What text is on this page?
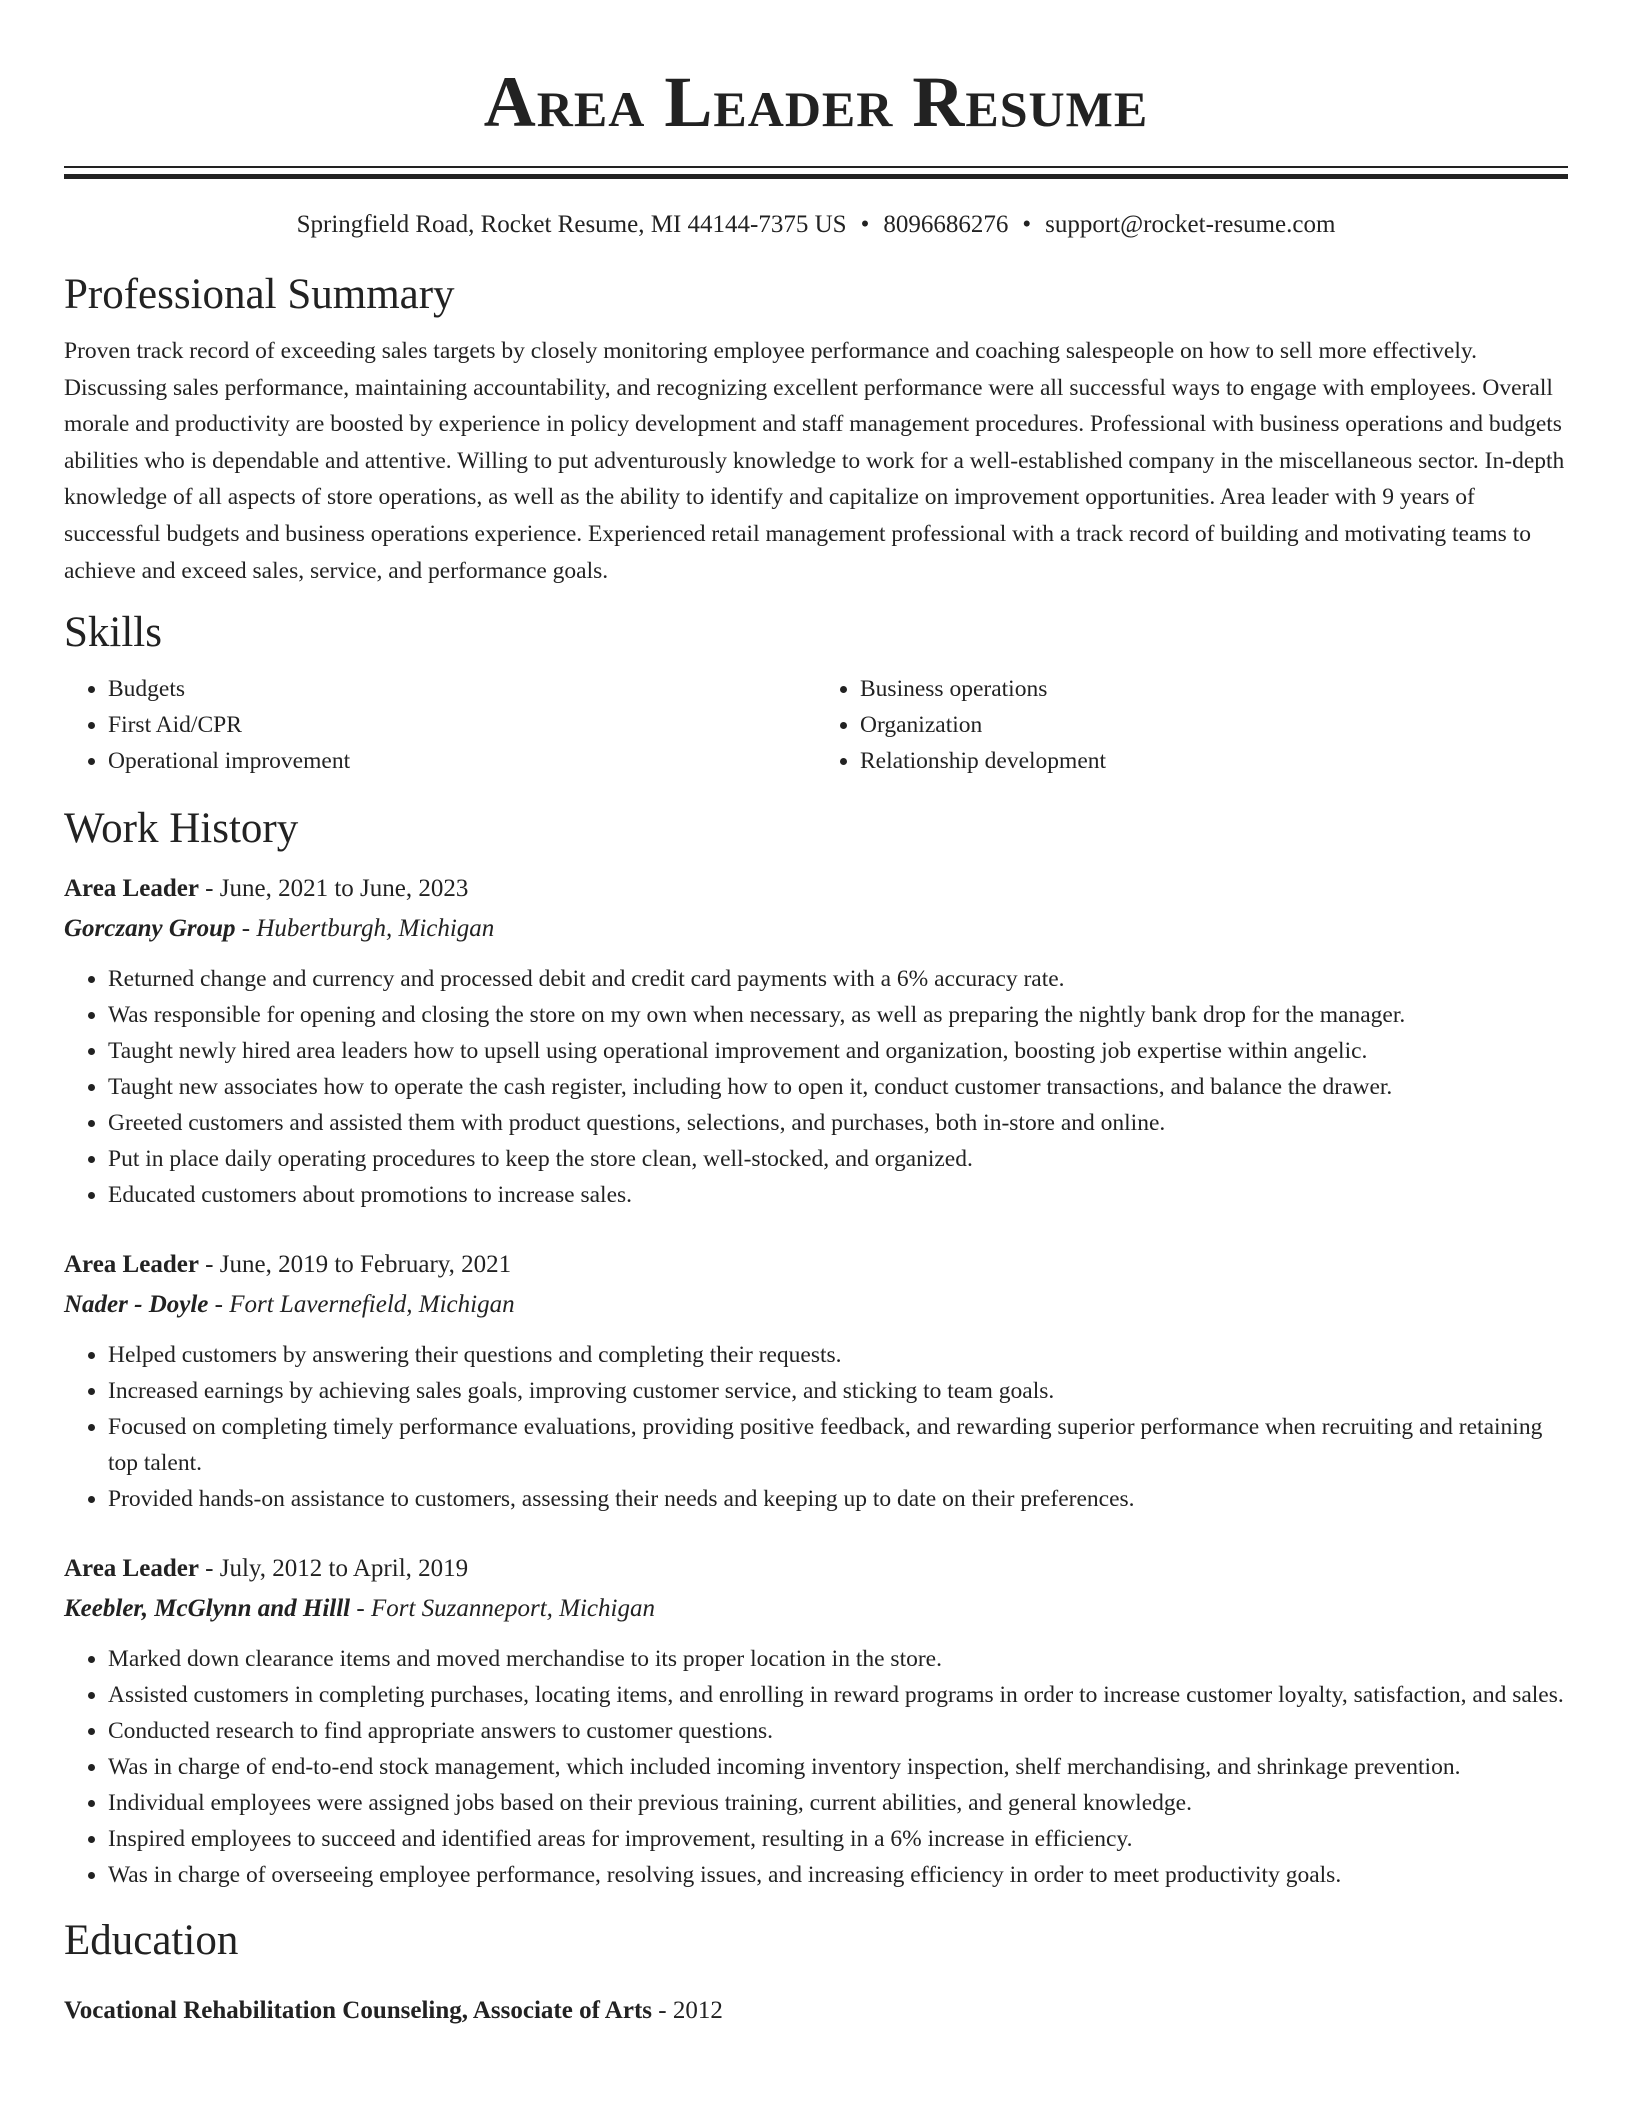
Area Leader Resume
Springfield Road, Rocket Resume, MI 44144-7375 US • 8096686276 • support@rocket-resume.com
Professional Summary

Proven track record of exceeding sales targets by closely monitoring employee performance and coaching salespeople on how to sell more effectively. Discussing sales performance, maintaining accountability, and recognizing excellent performance were all successful ways to engage with employees. Overall morale and productivity are boosted by experience in policy development and staff management procedures. Professional with business operations and budgets abilities who is dependable and attentive. Willing to put adventurously knowledge to work for a well-established company in the miscellaneous sector. In-depth knowledge of all aspects of store operations, as well as the ability to identify and capitalize on improvement opportunities. Area leader with 9 years of successful budgets and business operations experience. Experienced retail management professional with a track record of building and motivating teams to achieve and exceed sales, service, and performance goals.

Skills
• Budgets
• First Aid/CPR
• Operational improvement
• Business operations
• Organization
• Relationship development
Work History
Area Leader - June, 2021 to June, 2023
Gorczany Group - Hubertburgh, Michigan
• Returned change and currency and processed debit and credit card payments with a 6% accuracy rate.
• Was responsible for opening and closing the store on my own when necessary, as well as preparing the nightly bank drop for the manager.
• Taught newly hired area leaders how to upsell using operational improvement and organization, boosting job expertise within angelic.
• Taught new associates how to operate the cash register, including how to open it, conduct customer transactions, and balance the drawer.
• Greeted customers and assisted them with product questions, selections, and purchases, both in-store and online.
• Put in place daily operating procedures to keep the store clean, well-stocked, and organized.
• Educated customers about promotions to increase sales.
Area Leader - June, 2019 to February, 2021
Nader - Doyle - Fort Lavernefield, Michigan
• Helped customers by answering their questions and completing their requests.
• Increased earnings by achieving sales goals, improving customer service, and sticking to team goals.
• Focused on completing timely performance evaluations, providing positive feedback, and rewarding superior performance when recruiting and retaining top talent.
• Provided hands-on assistance to customers, assessing their needs and keeping up to date on their preferences.
Area Leader - July, 2012 to April, 2019
Keebler, McGlynn and Hilll - Fort Suzanneport, Michigan
• Marked down clearance items and moved merchandise to its proper location in the store.
• Assisted customers in completing purchases, locating items, and enrolling in reward programs in order to increase customer loyalty, satisfaction, and sales.
• Conducted research to find appropriate answers to customer questions.
• Was in charge of end-to-end stock management, which included incoming inventory inspection, shelf merchandising, and shrinkage prevention.
• Individual employees were assigned jobs based on their previous training, current abilities, and general knowledge.
• Inspired employees to succeed and identified areas for improvement, resulting in a 6% increase in efficiency.
• Was in charge of overseeing employee performance, resolving issues, and increasing efficiency in order to meet productivity goals.
Education
Vocational Rehabilitation Counseling, Associate of Arts - 2012
